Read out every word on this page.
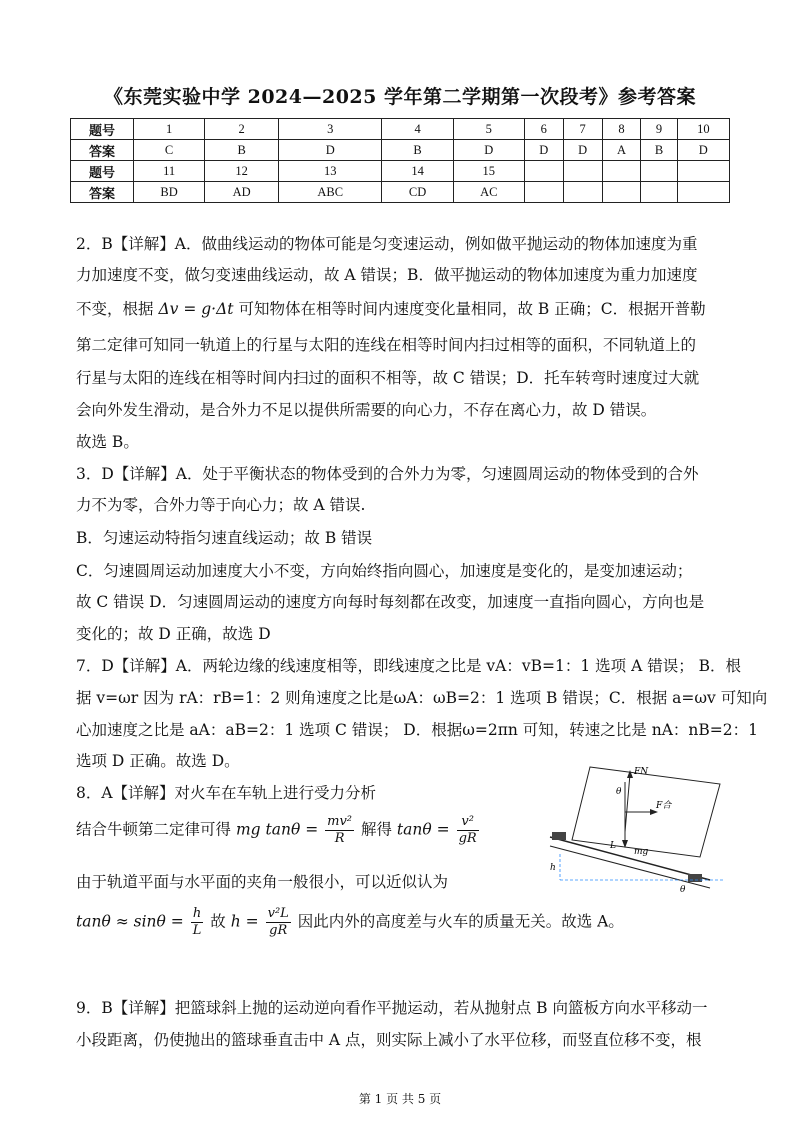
《东莞实验中学 2024—2025 学年第二学期第一次段考》参考答案
题号	1	2	3	4	5	6	7	8	9	10
答案	C	B	D	B	D	D	D	A	B	D
题号	11	12	13	14	15					
答案	BD	AD	ABC	CD	AC					
2．B【详解】A．做曲线运动的物体可能是匀变速运动，例如做平抛运动的物体加速度为重
力加速度不变，做匀变速曲线运动，故 A 错误；B．做平抛运动的物体加速度为重力加速度
不变，根据 Δv = g·Δt 可知物体在相等时间内速度变化量相同，故 B 正确；C．根据开普勒
第二定律可知同一轨道上的行星与太阳的连线在相等时间内扫过相等的面积，不同轨道上的
行星与太阳的连线在相等时间内扫过的面积不相等，故 C 错误；D．托车转弯时速度过大就
会向外发生滑动，是合外力不足以提供所需要的向心力，不存在离心力，故 D 错误。
故选 B。
3．D【详解】A．处于平衡状态的物体受到的合外力为零，匀速圆周运动的物体受到的合外
力不为零，合外力等于向心力；故 A 错误.
B．匀速运动特指匀速直线运动；故 B 错误
C．匀速圆周运动加速度大小不变，方向始终指向圆心，加速度是变化的，是变加速运动；
故 C 错误 D．匀速圆周运动的速度方向每时每刻都在改变，加速度一直指向圆心，方向也是
变化的；故 D 正确，故选 D
7．D【详解】A．两轮边缘的线速度相等，即线速度之比是 vA：vB=1：1 选项 A 错误； B．根
据 v=ωr 因为 rA：rB=1：2 则角速度之比是ωA：ωB=2：1 选项 B 错误；C．根据 a=ωv 可知向
心加速度之比是 aA：aB=2：1 选项 C 错误； D．根据ω=2πn 可知，转速之比是 nA：nB=2：1
选项 D 正确。故选 D。
8．A【详解】对火车在车轨上进行受力分析
结合牛顿第二定律可得 mg $\tan\theta = \frac{\text{mv²}}{R}$ 解得 $\tan\theta = \frac{\text{v²}}{gR}$
由于轨道平面与水平面的夹角一般很小，可以近似认为
$\tan\theta \approx \sin\theta = \frac{h}{L}$ 故 $h = \frac{\text{v²L}}{gR}$ 因此内外的高度差与火车的质量无关。故选 A。
FN
θ
F合
mg
L
h
θ
9．B【详解】把篮球斜上抛的运动逆向看作平抛运动，若从抛射点 B 向篮板方向水平移动一
小段距离，仍使抛出的篮球垂直击中 A 点，则实际上减小了水平位移，而竖直位移不变，根
第 1 页 共 5 页
